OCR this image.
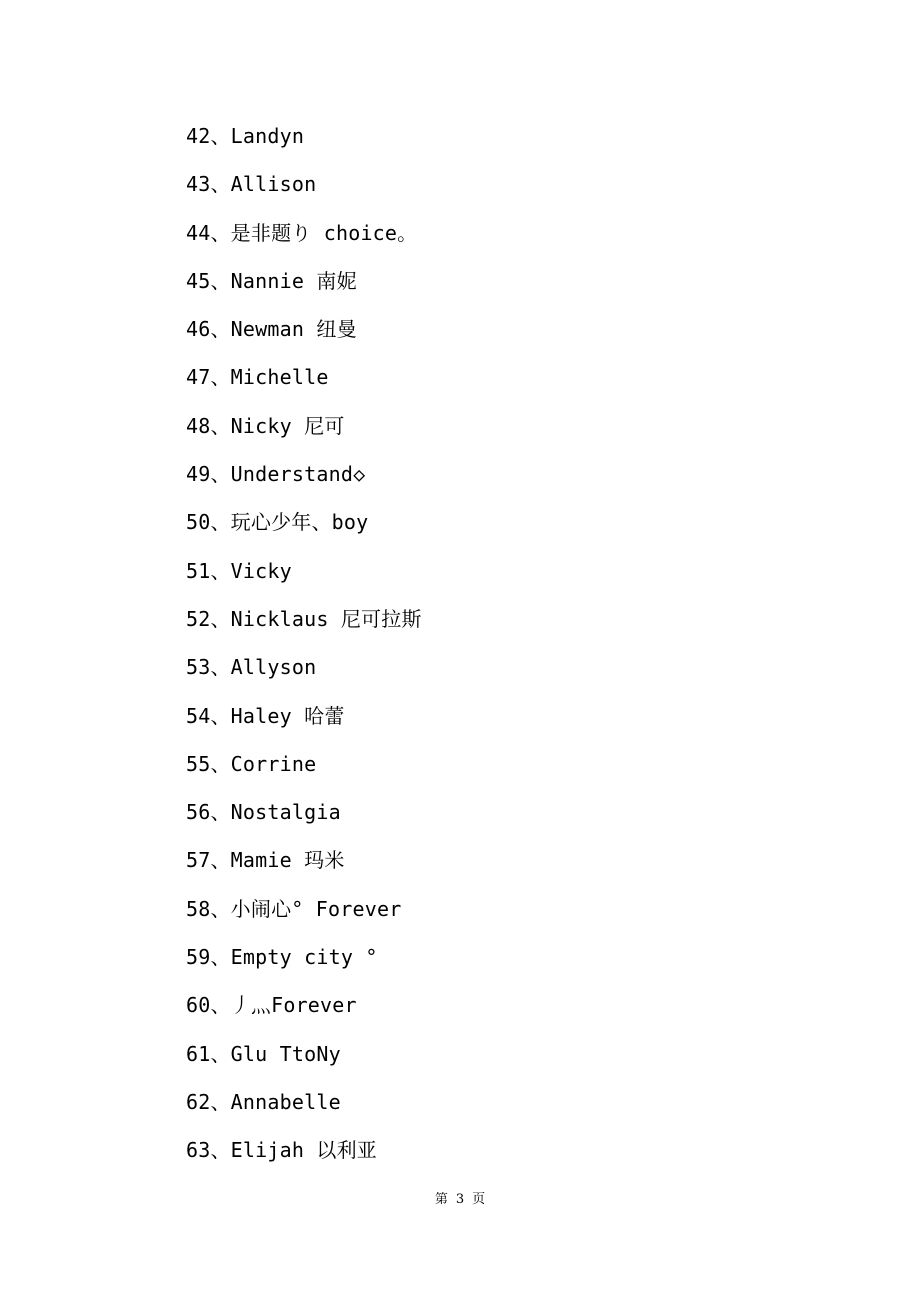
42、Landyn
43、Allison
44、是非题り choice。
45、Nannie 南妮
46、Newman 纽曼
47、Michelle
48、Nicky 尼可
49、Understand◇
50、玩心少年、boy
51、Vicky
52、Nicklaus 尼可拉斯
53、Allyson
54、Haley 哈蕾
55、Corrine
56、Nostalgia
57、Mamie 玛米
58、小闹心° Forever
59、Empty city °
60、丿灬Forever
61、Glu TtoNy
62、Annabelle
63、Elijah 以利亚
第 3 页
